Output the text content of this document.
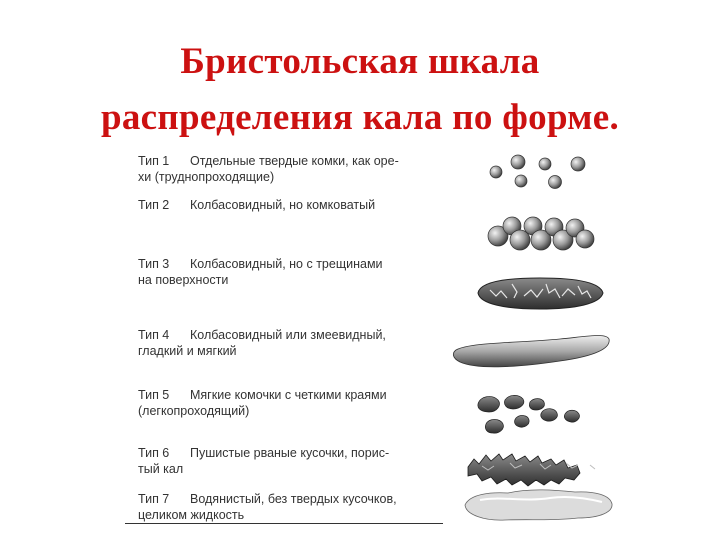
Бристольская шкала
распределения кала по форме.
Тип 1 Отдельные твердые комки, как оре-
хи (труднопроходящие)
Тип 2 Колбасовидный, но комковатый
Тип 3 Колбасовидный, но с трещинами
на поверхности
Тип 4 Колбасовидный или змеевидный,
гладкий и мягкий
Тип 5 Мягкие комочки с четкими краями
(легкопроходящий)
Тип 6 Пушистые рваные кусочки, порис-
тый кал
Тип 7 Водянистый, без твердых кусочков,
целиком жидкость
